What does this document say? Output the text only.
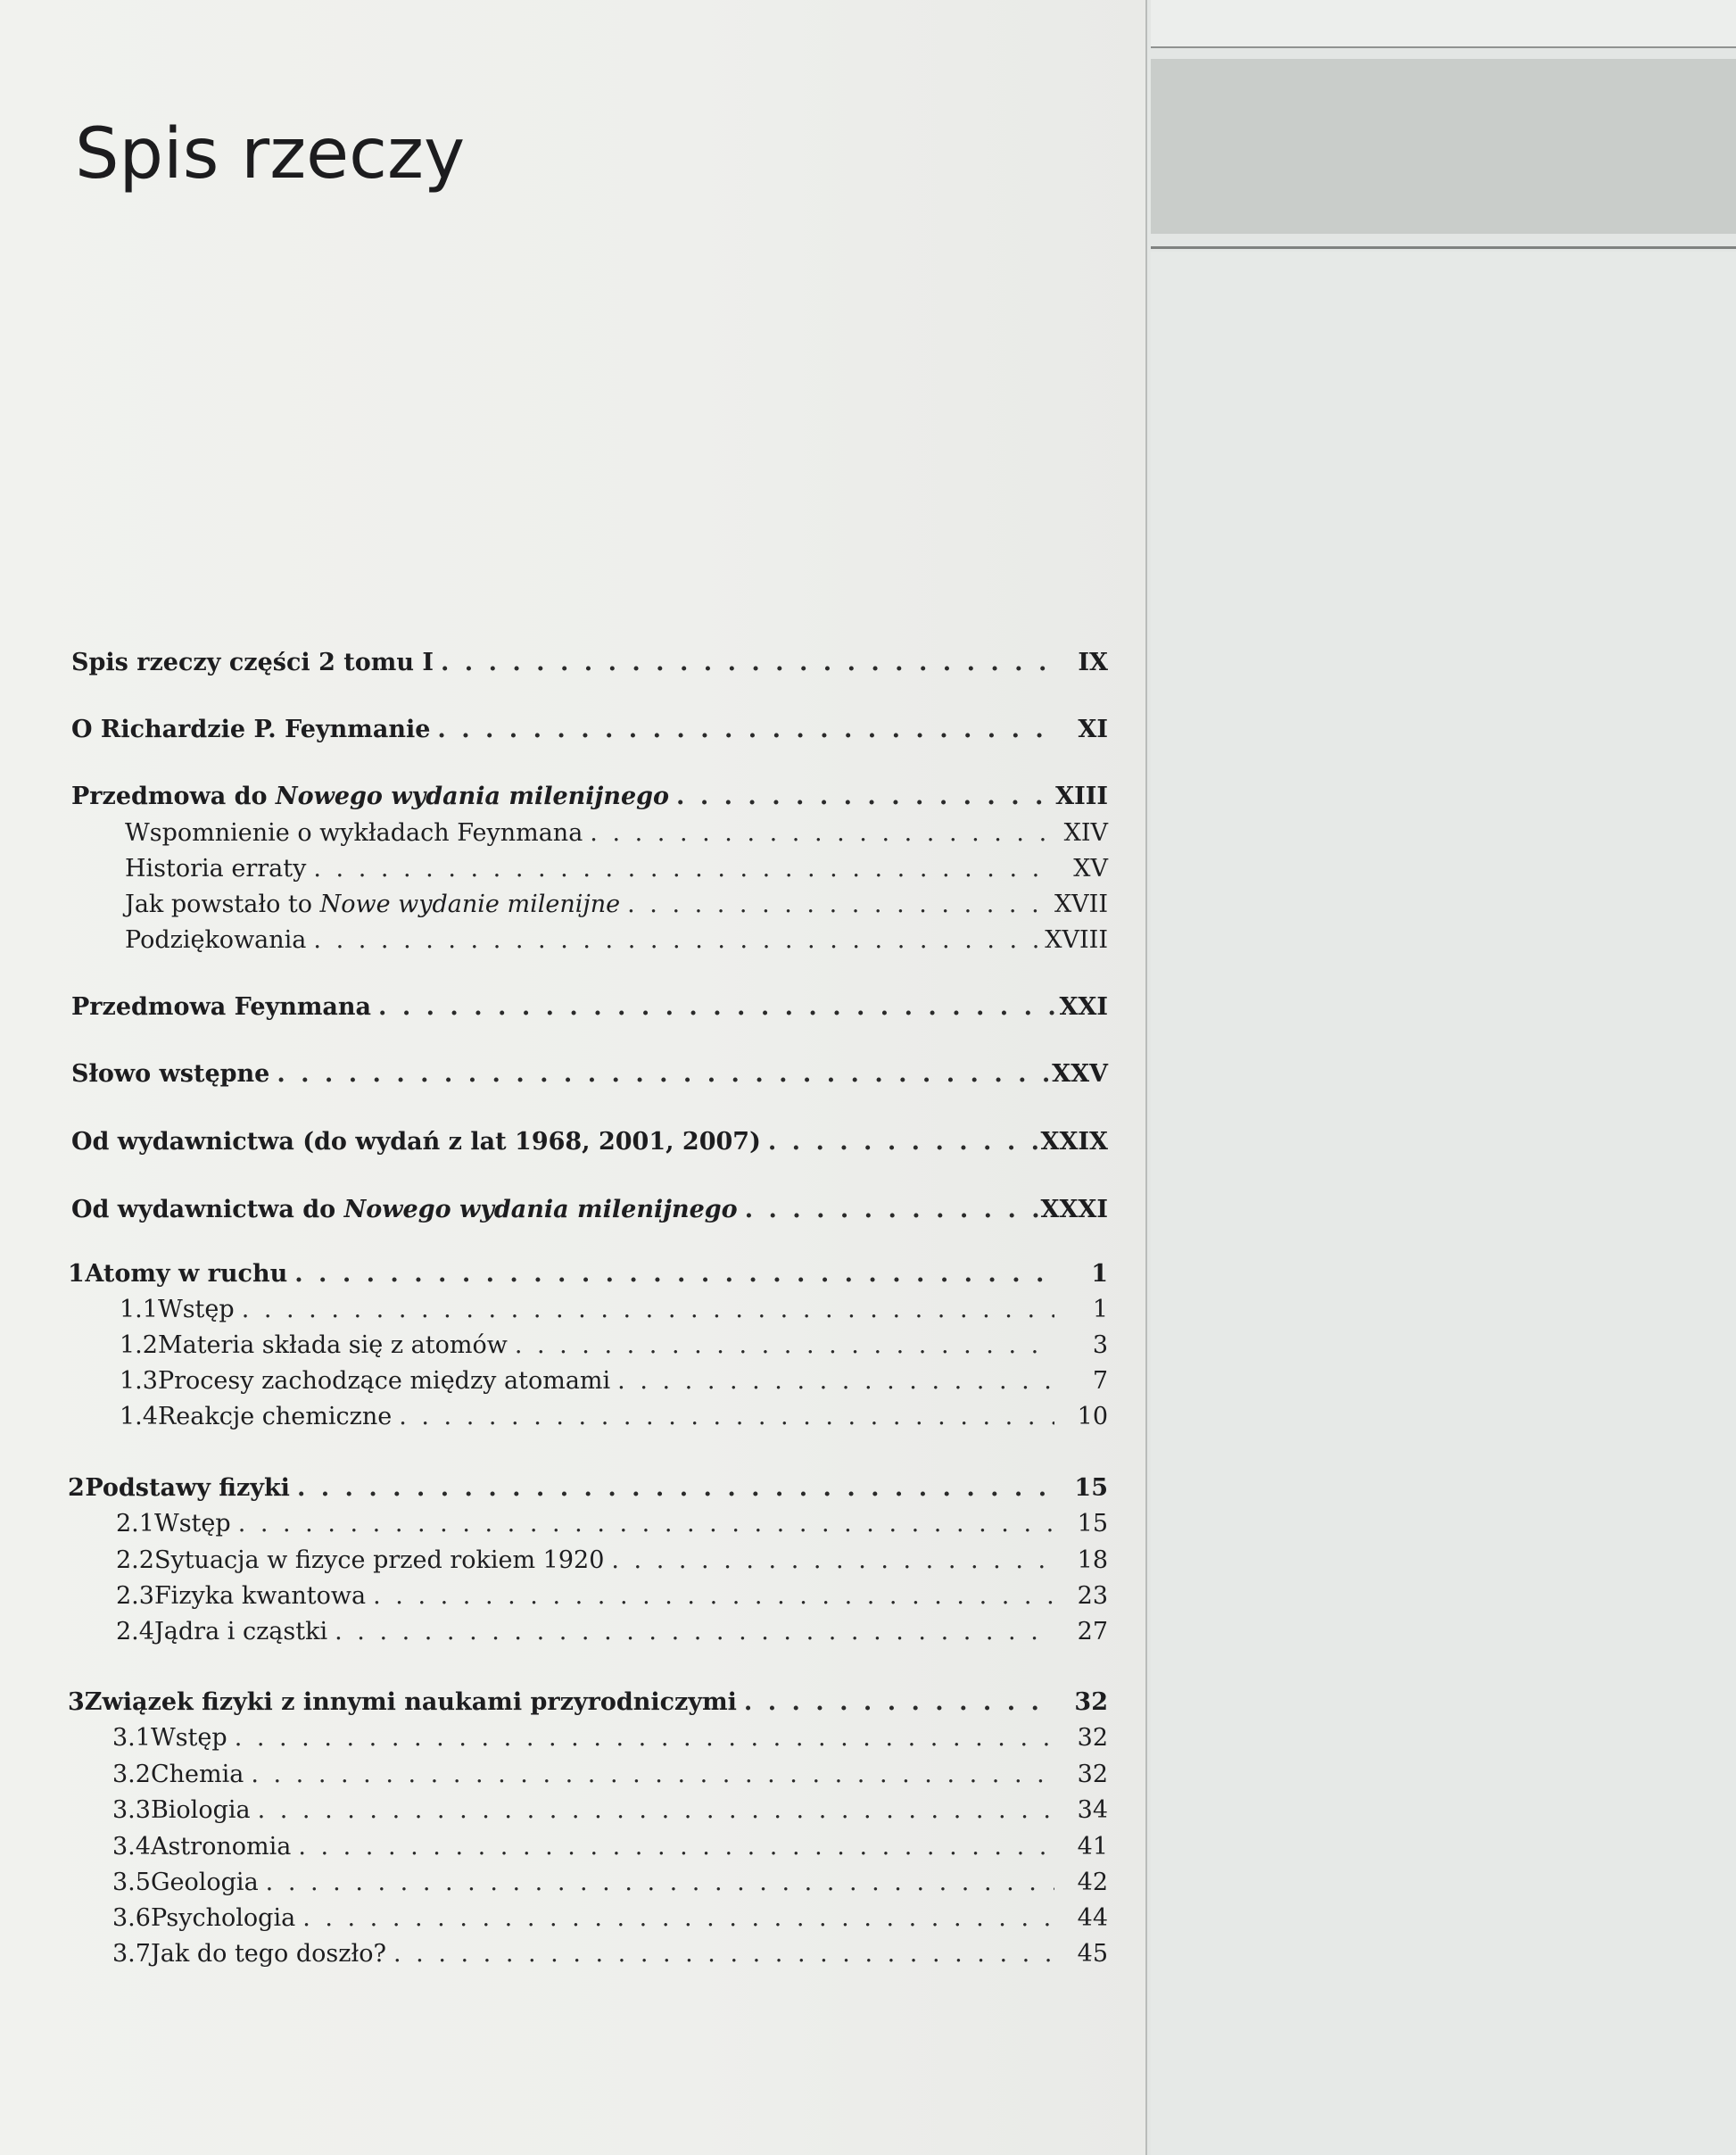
Spis rzeczy
Spis rzeczy części 2 tomu I . . .	IX
O Richardzie P. Feynmanie . . .	XI
Przedmowa do Nowego wydania milenijnego . . .	XIII
Wspomnienie o wykładach Feynmana . . .	XIV
Historia erraty . . .	XV
Jak powstało to Nowe wydanie milenijne . . .	XVII
Podziękowania . . .	XVIII
Przedmowa Feynmana . . .	XXI
Słowo wstępne . . .	XXV
Od wydawnictwa (do wydań z lat 1968, 2001, 2007) . . .	XXIX
Od wydawnictwa do Nowego wydania milenijnego . . .	XXXI
1 Atomy w ruchu . . .	1
1.1 Wstęp . . .	1
1.2 Materia składa się z atomów . . .	3
1.3 Procesy zachodzące między atomami . . .	7
1.4 Reakcje chemiczne . . .	10
2 Podstawy fizyki . . .	15
2.1 Wstęp . . .	15
2.2 Sytuacja w fizyce przed rokiem 1920 . . .	18
2.3 Fizyka kwantowa . . .	23
2.4 Jądra i cząstki . . .	27
3 Związek fizyki z innymi naukami przyrodniczymi . . .	32
3.1 Wstęp . . .	32
3.2 Chemia . . .	32
3.3 Biologia . . .	34
3.4 Astronomia . . .	41
3.5 Geologia . . .	42
3.6 Psychologia . . .	44
3.7 Jak do tego doszło? . . .	45
